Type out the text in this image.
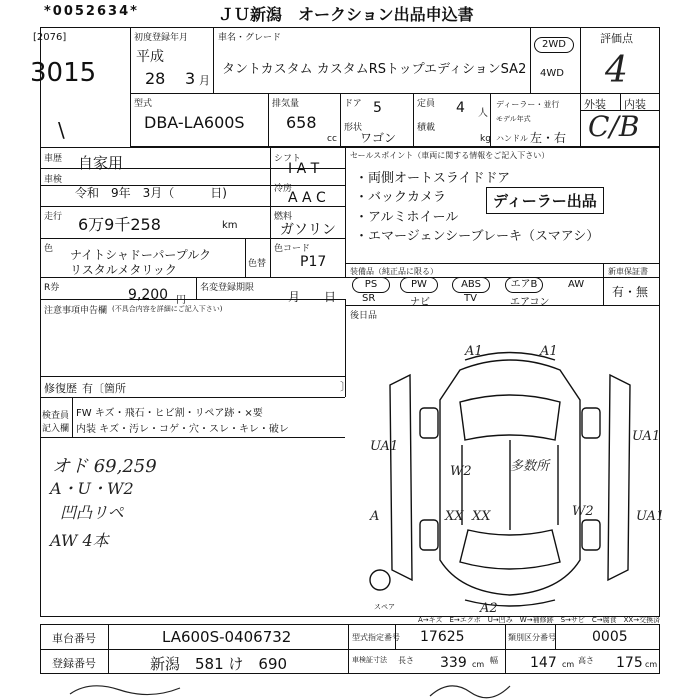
*0052634*	ＪＵ新潟　オークション出品申込書
[2076]
3015
\
初度登録年月
平成
28 3 月
車名・グレード
タントカスタム カスタムRSトップエディションSA2
2WD
4WD
評価点
4
型式
DBA-LA600S
排気量
658
cc
ドア 5
形状
ワゴン
定員 4 人
積載
kg
ディーラー・並行
モデル年式
ハンドル 左・右
外装 内装
C/B
車歴 自家用
車検
令和　9年　3月（　　　日)
走行 6万9千258	km
色 ナイトシャドーパープルク
リスタルメタリック	色替
R券	9,200 円
名変登録期限
月　　日
シフト
I A T
冷房
A A C
燃料
ガソリン
色コード
P17
セールスポイント（車両に関する情報をご記入下さい）
・両側オートスライドドア
・バックカメラ
・アルミホイール
・エマージェンシーブレーキ（スマアシ）
ディーラー出品
装備品（純正品に限る）	新車保証書
有・無
PS	PW	ABS	エアB	AW
SR	ナビ	TV	エアコン
後日品
注意事項申告欄 (不具合内容を詳細にご記入下さい)
修復歴 有〔箇所	〕
検査員
記入欄
FW キズ・飛石・ヒビ割・リペア跡・×要
内装 キズ・汚レ・コゲ・穴・スレ・キレ・破レ
オド 69,259
A・U・W2
凹凸リペ
AW 4本
A1	A1
UA1
UA1
W2
W2
XX XX
A	UA1
A2
多数所
スペア
A→キズ　E→エクボ　U→凹み　W→補修跡　S→サビ　C→腐食　XX→交換済
車台番号	LA600S-0406732
登録番号	新潟　581 け　690
型式指定番号 17625	類別区分番号	0005
車検証寸法 長さ 339 cm 幅 147 cm 高さ 175 cm
